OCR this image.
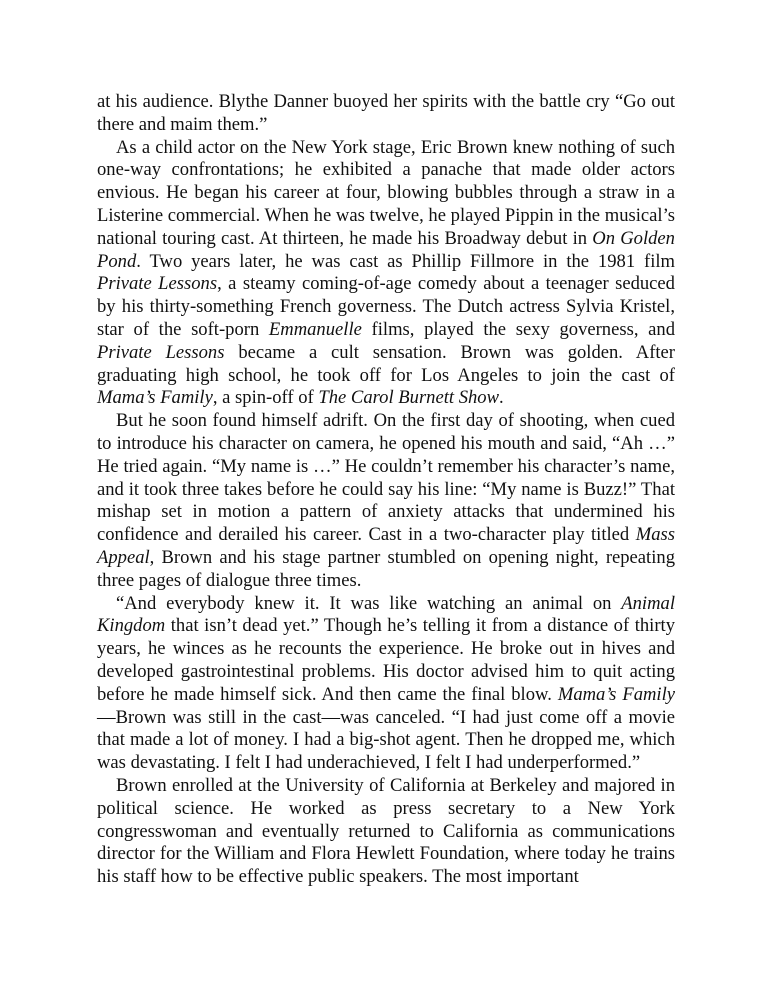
at his audience. Blythe Danner buoyed her spirits with the battle cry “Go out there and maim them.”

As a child actor on the New York stage, Eric Brown knew nothing of such one-way confrontations; he exhibited a panache that made older actors envious. He began his career at four, blowing bubbles through a straw in a Listerine commercial. When he was twelve, he played Pippin in the musical’s national touring cast. At thirteen, he made his Broadway debut in On Golden Pond. Two years later, he was cast as Phillip Fillmore in the 1981 film Private Lessons, a steamy coming-of-age comedy about a teenager seduced by his thirty-something French governess. The Dutch actress Sylvia Kristel, star of the soft-porn Emmanuelle films, played the sexy governess, and Private Lessons became a cult sensation. Brown was golden. After graduating high school, he took off for Los Angeles to join the cast of Mama’s Family, a spin-off of The Carol Burnett Show.

But he soon found himself adrift. On the first day of shooting, when cued to introduce his character on camera, he opened his mouth and said, “Ah …” He tried again. “My name is …” He couldn’t remember his character’s name, and it took three takes before he could say his line: “My name is Buzz!” That mishap set in motion a pattern of anxiety attacks that undermined his confidence and derailed his career. Cast in a two-character play titled Mass Appeal, Brown and his stage partner stumbled on opening night, repeating three pages of dialogue three times.

“And everybody knew it. It was like watching an animal on Animal Kingdom that isn’t dead yet.” Though he’s telling it from a distance of thirty years, he winces as he recounts the experience. He broke out in hives and developed gastrointestinal problems. His doctor advised him to quit acting before he made himself sick. And then came the final blow. Mama’s Family —Brown was still in the cast—was canceled. “I had just come off a movie that made a lot of money. I had a big-shot agent. Then he dropped me, which was devastating. I felt I had underachieved, I felt I had underperformed.”

Brown enrolled at the University of California at Berkeley and majored in political science. He worked as press secretary to a New York congresswoman and eventually returned to California as communications director for the William and Flora Hewlett Foundation, where today he trains his staff how to be effective public speakers. The most important
